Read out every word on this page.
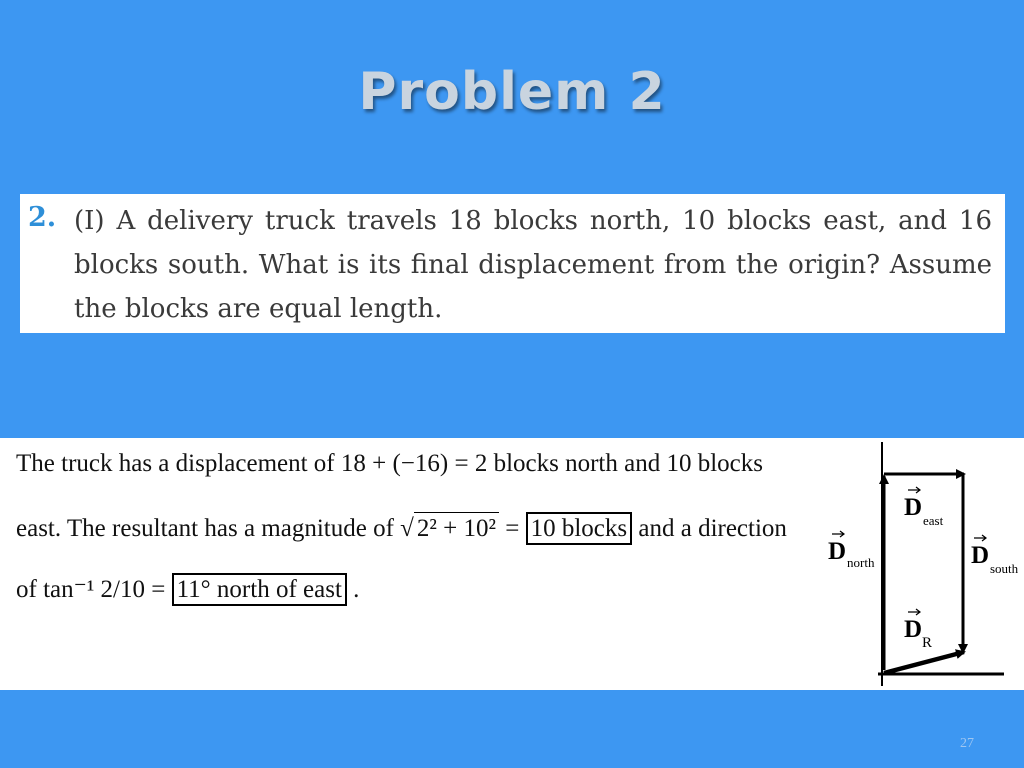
Problem 2
2. (I) A delivery truck travels 18 blocks north, 10 blocks east, and 16 blocks south. What is its final displacement from the origin? Assume the blocks are equal length.
The truck has a displacement of 18 + (−16) = 2 blocks north and 10 blocks
east. The resultant has a magnitude of √ 2² + 10² = 10 blocks and a direction
of tan⁻¹ 2/10 = 11° north of east .
D east
D north	D south
D R
27
